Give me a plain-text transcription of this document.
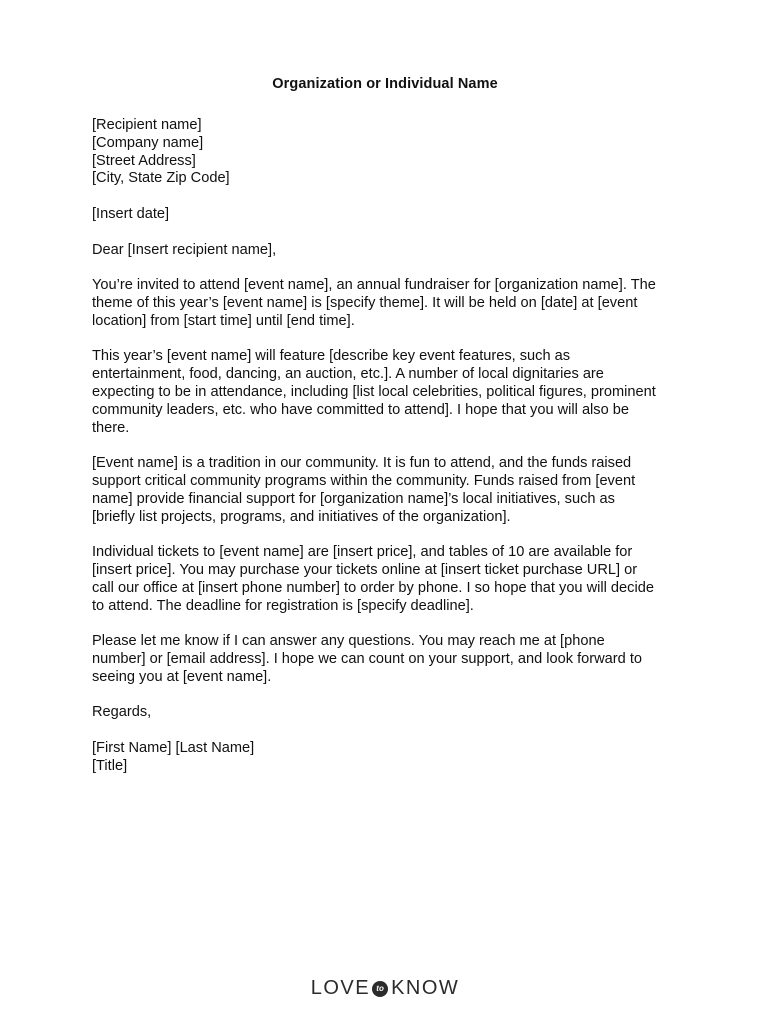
Organization or Individual Name
[Recipient name]
[Company name]
[Street Address]
[City, State Zip Code]
[Insert date]
Dear [Insert recipient name],
You’re invited to attend [event name], an annual fundraiser for [organization name]. The
theme of this year’s [event name] is [specify theme]. It will be held on [date] at [event
location] from [start time] until [end time].
This year’s [event name] will feature [describe key event features, such as
entertainment, food, dancing, an auction, etc.]. A number of local dignitaries are
expecting to be in attendance, including [list local celebrities, political figures, prominent
community leaders, etc. who have committed to attend]. I hope that you will also be
there.
[Event name] is a tradition in our community. It is fun to attend, and the funds raised
support critical community programs within the community. Funds raised from [event
name] provide financial support for [organization name]’s local initiatives, such as
[briefly list projects, programs, and initiatives of the organization].
Individual tickets to [event name] are [insert price], and tables of 10 are available for
[insert price]. You may purchase your tickets online at [insert ticket purchase URL] or
call our office at [insert phone number] to order by phone. I so hope that you will decide
to attend. The deadline for registration is [specify deadline].
Please let me know if I can answer any questions. You may reach me at [phone
number] or [email address]. I hope we can count on your support, and look forward to
seeing you at [event name].
Regards,
[First Name] [Last Name]
[Title]
LOVE to KNOW
